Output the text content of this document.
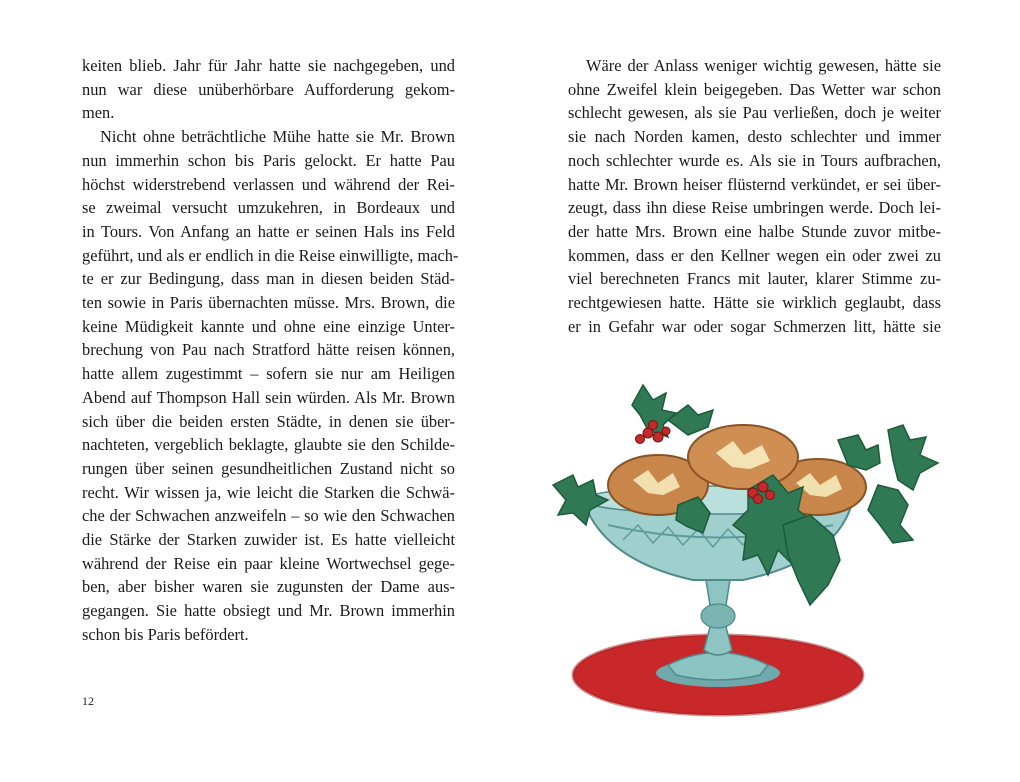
keiten blieb. Jahr für Jahr hatte sie nachgegeben, und
nun war diese unüberhörbare Aufforderung gekom-
men.
Nicht ohne beträchtliche Mühe hatte sie Mr. Brown
nun immerhin schon bis Paris gelockt. Er hatte Pau
höchst widerstrebend verlassen und während der Rei-
se zweimal versucht umzukehren, in Bordeaux und
in Tours. Von Anfang an hatte er seinen Hals ins Feld
geführt, und als er endlich in die Reise einwilligte, mach-
te er zur Bedingung, dass man in diesen beiden Städ-
ten sowie in Paris übernachten müsse. Mrs. Brown, die
keine Müdigkeit kannte und ohne eine einzige Unter-
brechung von Pau nach Stratford hätte reisen können,
hatte allem zugestimmt – sofern sie nur am Heiligen
Abend auf Thompson Hall sein würden. Als Mr. Brown
sich über die beiden ersten Städte, in denen sie über-
nachteten, vergeblich beklagte, glaubte sie den Schilde-
rungen über seinen gesundheitlichen Zustand nicht so
recht. Wir wissen ja, wie leicht die Starken die Schwä-
che der Schwachen anzweifeln – so wie den Schwachen
die Stärke der Starken zuwider ist. Es hatte vielleicht
während der Reise ein paar kleine Wortwechsel gege-
ben, aber bisher waren sie zugunsten der Dame aus-
gegangen. Sie hatte obsiegt und Mr. Brown immerhin
schon bis Paris befördert.
12
Wäre der Anlass weniger wichtig gewesen, hätte sie
ohne Zweifel klein beigegeben. Das Wetter war schon
schlecht gewesen, als sie Pau verließen, doch je weiter
sie nach Norden kamen, desto schlechter und immer
noch schlechter wurde es. Als sie in Tours aufbrachen,
hatte Mr. Brown heiser flüsternd verkündet, er sei über-
zeugt, dass ihn diese Reise umbringen werde. Doch lei-
der hatte Mrs. Brown eine halbe Stunde zuvor mitbe-
kommen, dass er den Kellner wegen ein oder zwei zu
viel berechneten Francs mit lauter, klarer Stimme zu-
rechtgewiesen hatte. Hätte sie wirklich geglaubt, dass
er in Gefahr war oder sogar Schmerzen litt, hätte sie
